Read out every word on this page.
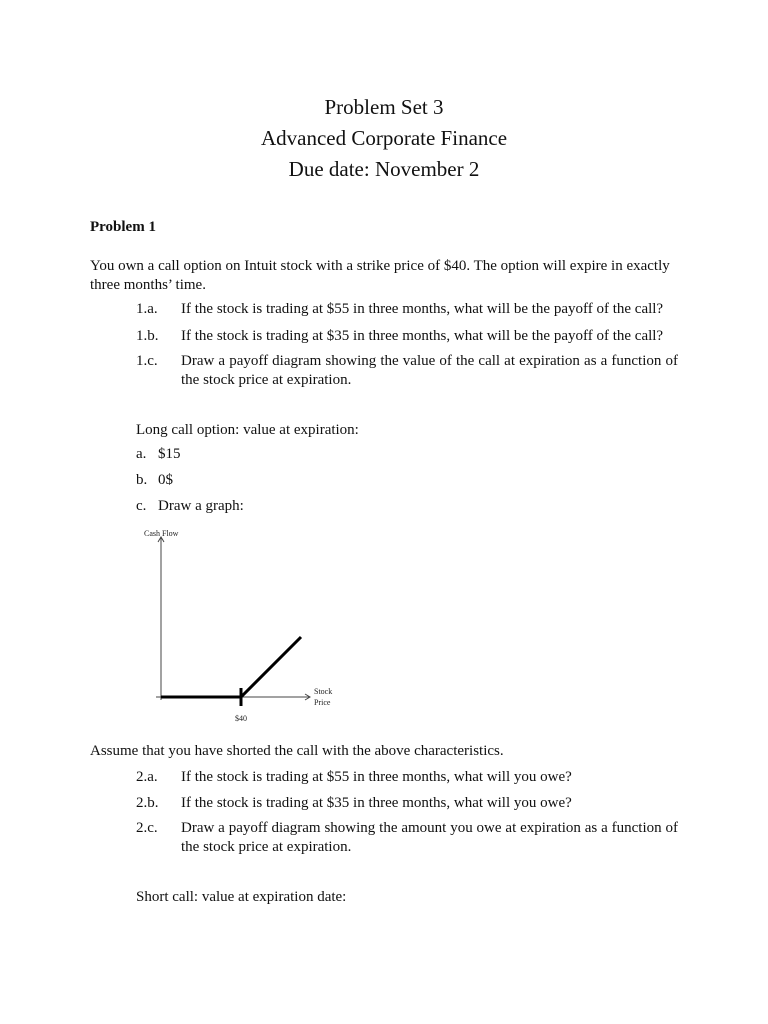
Problem Set 3
Advanced Corporate Finance
Due date: November 2
Problem 1
You own a call option on Intuit stock with a strike price of $40. The option will expire in exactly three months’ time.
1.a. If the stock is trading at $55 in three months, what will be the payoff of the call?
1.b. If the stock is trading at $35 in three months, what will be the payoff of the call?
1.c. Draw a payoff diagram showing the value of the call at expiration as a function of the stock price at expiration.
Long call option: value at expiration:
a. $15
b. 0$
c. Draw a graph:
Cash Flow
Stock Price
$40
Assume that you have shorted the call with the above characteristics.
2.a. If the stock is trading at $55 in three months, what will you owe?
2.b. If the stock is trading at $35 in three months, what will you owe?
2.c. Draw a payoff diagram showing the amount you owe at expiration as a function of the stock price at expiration.
Short call: value at expiration date:
